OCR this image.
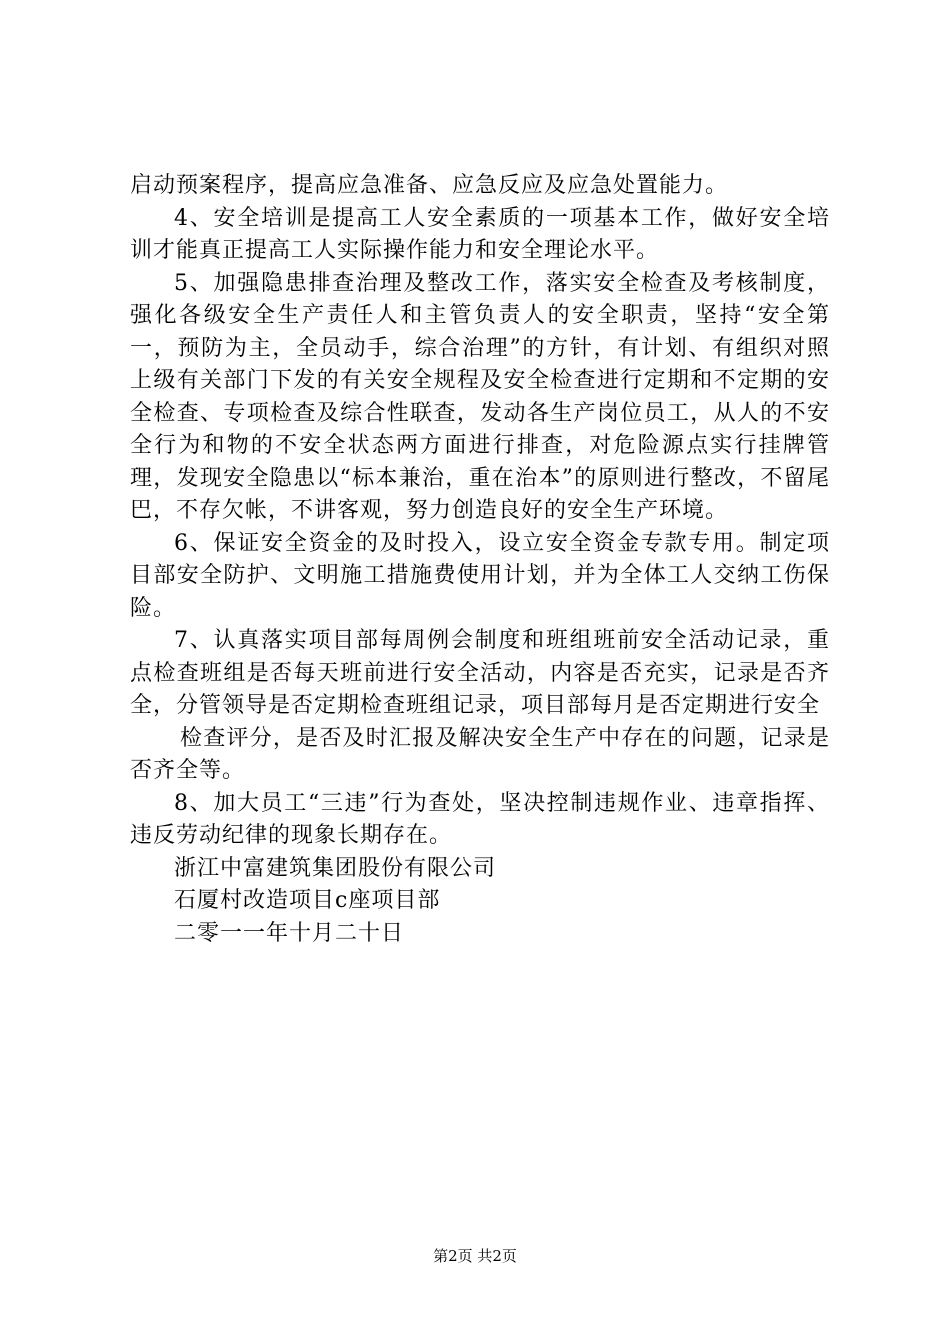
启动预案程序，提高应急准备、应急反应及应急处置能力。

4、安全培训是提高工人安全素质的一项基本工作，做好安全培训才能真正提高工人实际操作能力和安全理论水平。

5、加强隐患排查治理及整改工作，落实安全检查及考核制度，强化各级安全生产责任人和主管负责人的安全职责，坚持“安全第一，预防为主，全员动手，综合治理”的方针，有计划、有组织对照上级有关部门下发的有关安全规程及安全检查进行定期和不定期的安全检查、专项检查及综合性联查，发动各生产岗位员工，从人的不安全行为和物的不安全状态两方面进行排查，对危险源点实行挂牌管理，发现安全隐患以“标本兼治，重在治本”的原则进行整改，不留尾巴，不存欠帐，不讲客观，努力创造良好的安全生产环境。

6、保证安全资金的及时投入，设立安全资金专款专用。制定项目部安全防护、文明施工措施费使用计划，并为全体工人交纳工伤保险。

7、认真落实项目部每周例会制度和班组班前安全活动记录，重点检查班组是否每天班前进行安全活动，内容是否充实，记录是否齐全，分管领导是否定期检查班组记录，项目部每月是否定期进行安全

检查评分，是否及时汇报及解决安全生产中存在的问题，记录是否齐全等。

8、加大员工“三违”行为查处，坚决控制违规作业、违章指挥、违反劳动纪律的现象长期存在。

浙江中富建筑集团股份有限公司

石厦村改造项目c座项目部

二零一一年十月二十日

第2页 共2页
